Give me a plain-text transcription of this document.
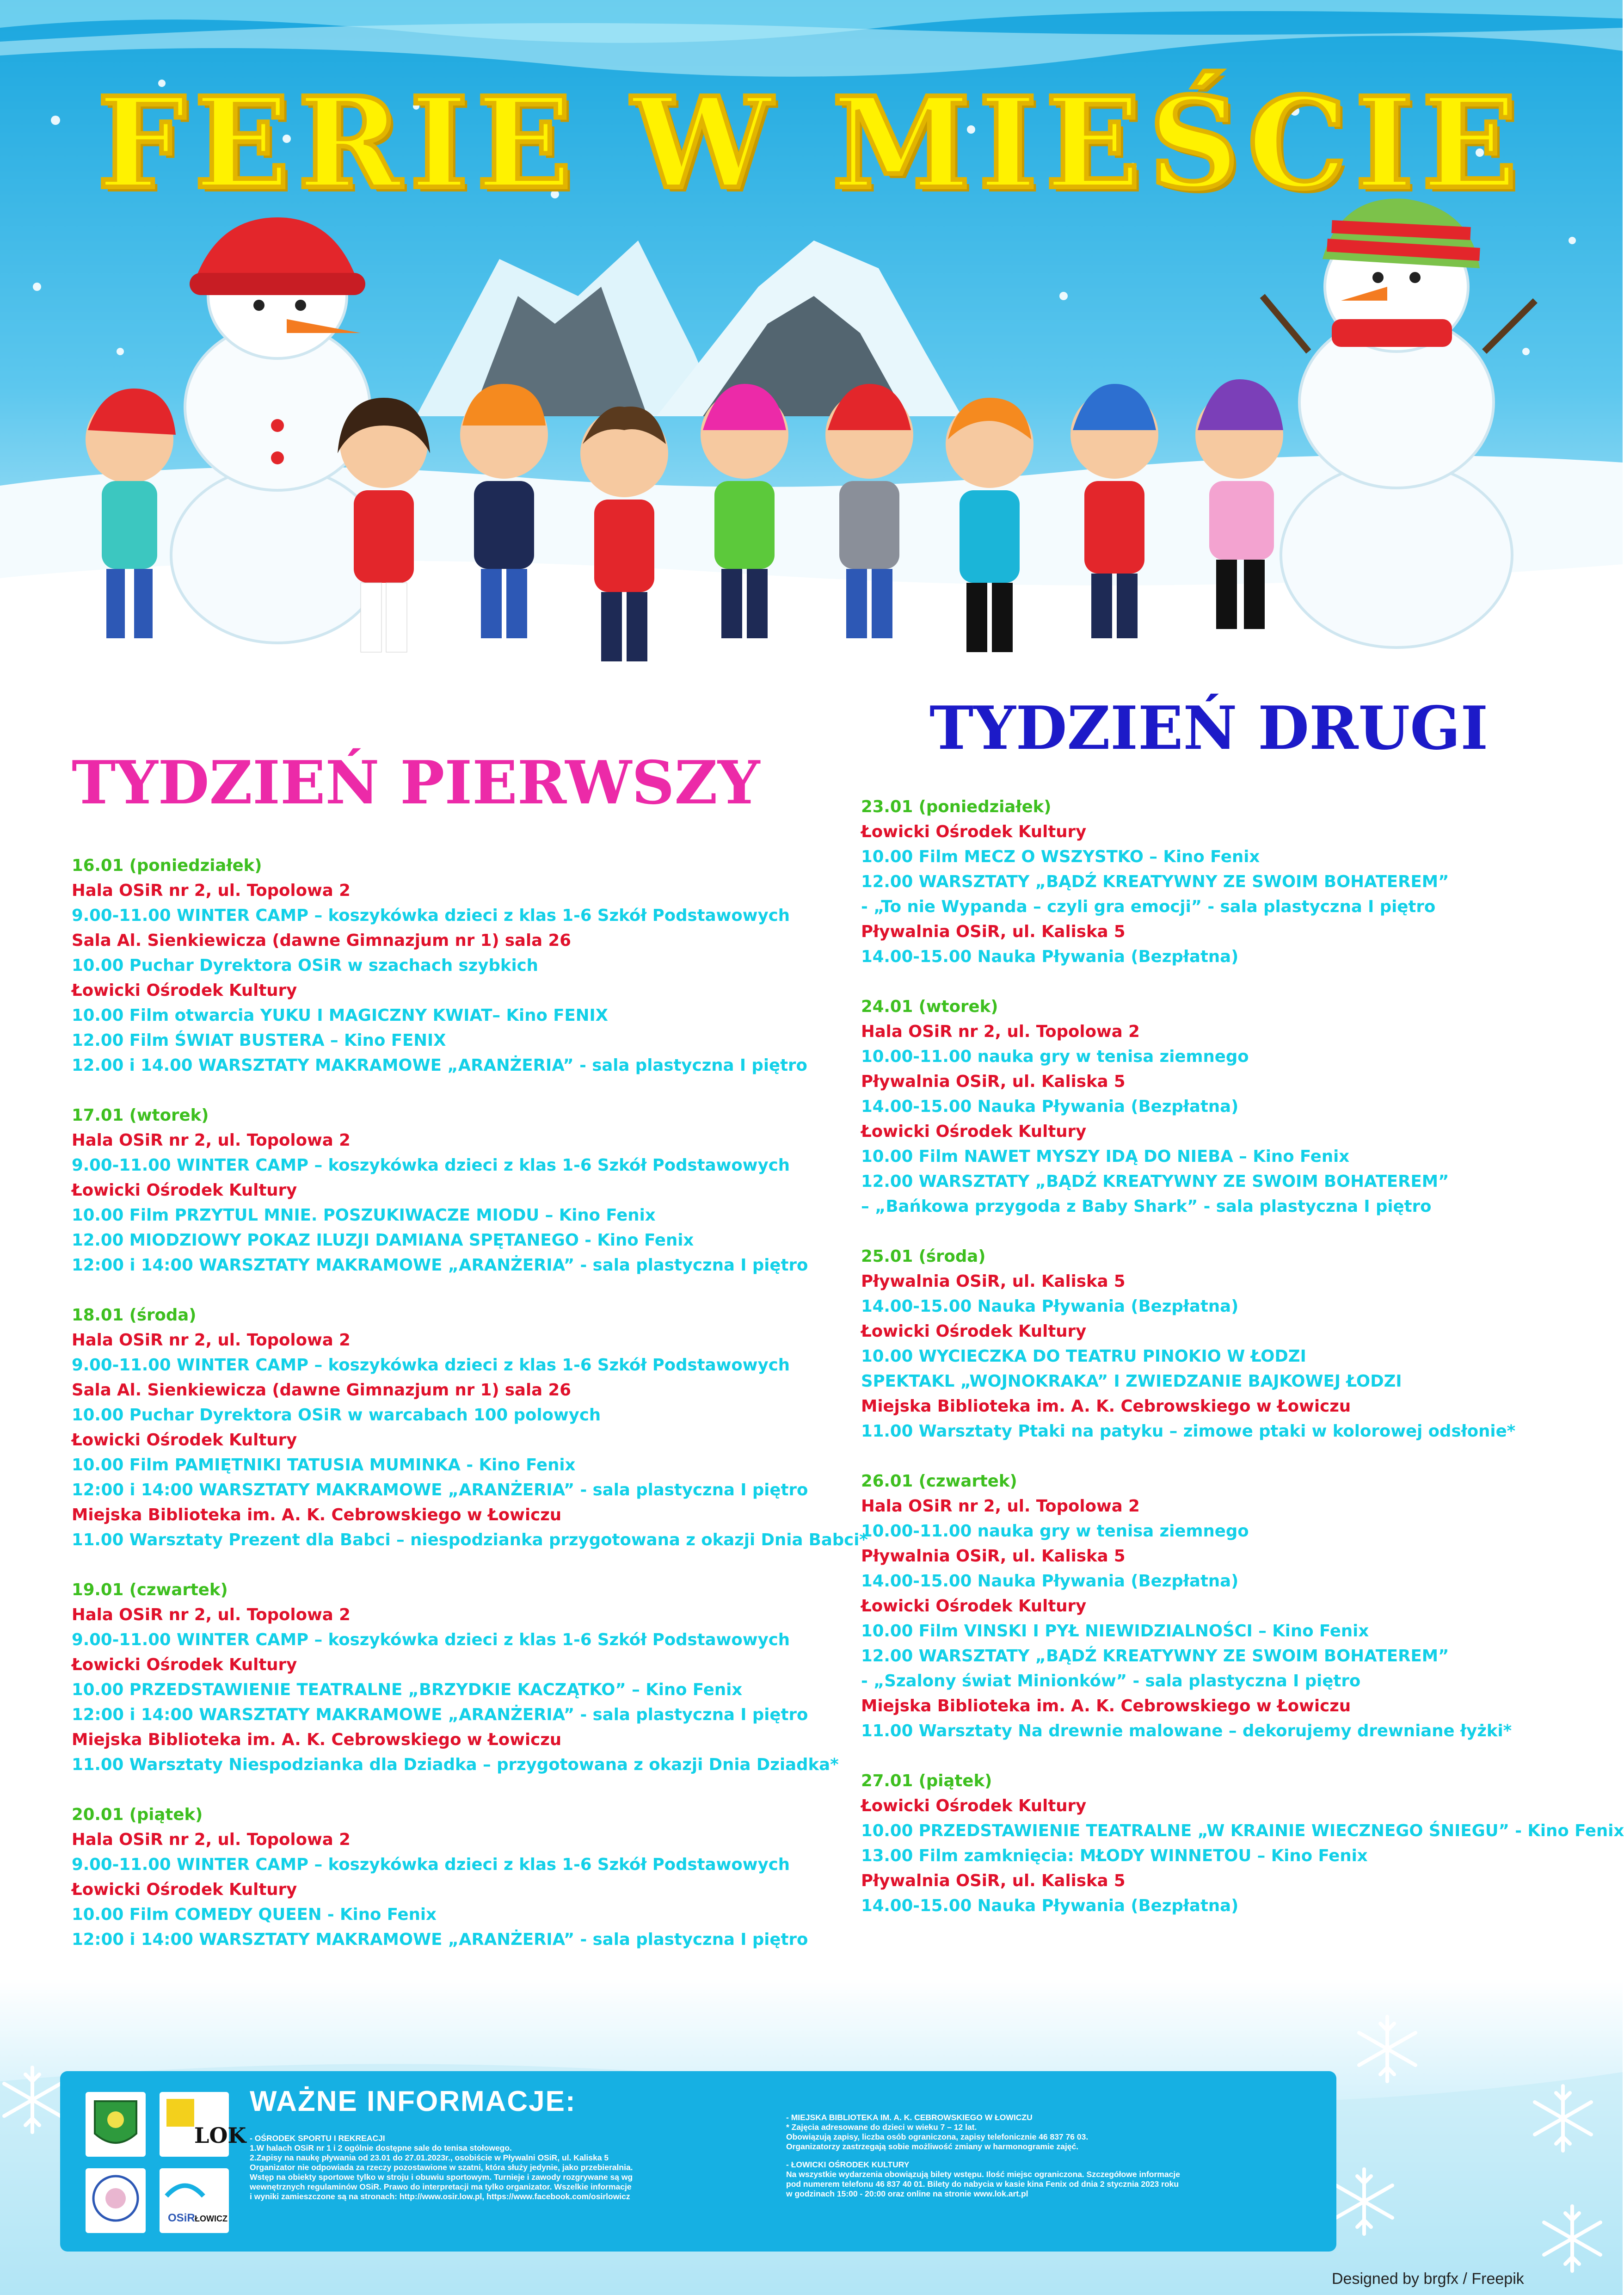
FERIE W MIEŚCIE
TYDZIEŃ PIERWSZY
TYDZIEŃ DRUGI
16.01 (poniedziałek)
Hala OSiR nr 2, ul. Topolowa 2
9.00-11.00 WINTER CAMP – koszykówka dzieci z klas 1-6 Szkół Podstawowych
Sala Al. Sienkiewicza (dawne Gimnazjum nr 1) sala 26
10.00 Puchar Dyrektora OSiR w szachach szybkich
Łowicki Ośrodek Kultury
10.00 Film otwarcia YUKU I MAGICZNY KWIAT– Kino FENIX
12.00 Film ŚWIAT BUSTERA – Kino FENIX
12.00 i 14.00 WARSZTATY MAKRAMOWE „ARANŻERIA” - sala plastyczna I piętro
17.01 (wtorek)
Hala OSiR nr 2, ul. Topolowa 2
9.00-11.00 WINTER CAMP – koszykówka dzieci z klas 1-6 Szkół Podstawowych
Łowicki Ośrodek Kultury
10.00 Film PRZYTUL MNIE. POSZUKIWACZE MIODU – Kino Fenix
12.00 MIODZIOWY POKAZ ILUZJI DAMIANA SPĘTANEGO - Kino Fenix
12:00 i 14:00 WARSZTATY MAKRAMOWE „ARANŻERIA” - sala plastyczna I piętro
18.01 (środa)
Hala OSiR nr 2, ul. Topolowa 2
9.00-11.00 WINTER CAMP – koszykówka dzieci z klas 1-6 Szkół Podstawowych
Sala Al. Sienkiewicza (dawne Gimnazjum nr 1) sala 26
10.00 Puchar Dyrektora OSiR w warcabach 100 polowych
Łowicki Ośrodek Kultury
10.00 Film PAMIĘTNIKI TATUSIA MUMINKA - Kino Fenix
12:00 i 14:00 WARSZTATY MAKRAMOWE „ARANŻERIA” - sala plastyczna I piętro
Miejska Biblioteka im. A. K. Cebrowskiego w Łowiczu
11.00 Warsztaty Prezent dla Babci – niespodzianka przygotowana z okazji Dnia Babci*
19.01 (czwartek)
Hala OSiR nr 2, ul. Topolowa 2
9.00-11.00 WINTER CAMP – koszykówka dzieci z klas 1-6 Szkół Podstawowych
Łowicki Ośrodek Kultury
10.00 PRZEDSTAWIENIE TEATRALNE „BRZYDKIE KACZĄTKO” – Kino Fenix
12:00 i 14:00 WARSZTATY MAKRAMOWE „ARANŻERIA” - sala plastyczna I piętro
Miejska Biblioteka im. A. K. Cebrowskiego w Łowiczu
11.00 Warsztaty Niespodzianka dla Dziadka – przygotowana z okazji Dnia Dziadka*
20.01 (piątek)
Hala OSiR nr 2, ul. Topolowa 2
9.00-11.00 WINTER CAMP – koszykówka dzieci z klas 1-6 Szkół Podstawowych
Łowicki Ośrodek Kultury
10.00 Film COMEDY QUEEN - Kino Fenix
12:00 i 14:00 WARSZTATY MAKRAMOWE „ARANŻERIA” - sala plastyczna I piętro
23.01 (poniedziałek)
Łowicki Ośrodek Kultury
10.00 Film MECZ O WSZYSTKO – Kino Fenix
12.00 WARSZTATY „BĄDŹ KREATYWNY ZE SWOIM BOHATEREM”
- „To nie Wypanda – czyli gra emocji” - sala plastyczna I piętro
Pływalnia OSiR, ul. Kaliska 5
14.00-15.00 Nauka Pływania (Bezpłatna)
24.01 (wtorek)
Hala OSiR nr 2, ul. Topolowa 2
10.00-11.00 nauka gry w tenisa ziemnego
Pływalnia OSiR, ul. Kaliska 5
14.00-15.00 Nauka Pływania (Bezpłatna)
Łowicki Ośrodek Kultury
10.00 Film NAWET MYSZY IDĄ DO NIEBA – Kino Fenix
12.00 WARSZTATY „BĄDŹ KREATYWNY ZE SWOIM BOHATEREM”
– „Bańkowa przygoda z Baby Shark” - sala plastyczna I piętro
25.01 (środa)
Pływalnia OSiR, ul. Kaliska 5
14.00-15.00 Nauka Pływania (Bezpłatna)
Łowicki Ośrodek Kultury
10.00 WYCIECZKA DO TEATRU PINOKIO W ŁODZI
SPEKTAKL „WOJNOKRAKA” I ZWIEDZANIE BAJKOWEJ ŁODZI
Miejska Biblioteka im. A. K. Cebrowskiego w Łowiczu
11.00 Warsztaty Ptaki na patyku – zimowe ptaki w kolorowej odsłonie*
26.01 (czwartek)
Hala OSiR nr 2, ul. Topolowa 2
10.00-11.00 nauka gry w tenisa ziemnego
Pływalnia OSiR, ul. Kaliska 5
14.00-15.00 Nauka Pływania (Bezpłatna)
Łowicki Ośrodek Kultury
10.00 Film VINSKI I PYŁ NIEWIDZIALNOŚCI – Kino Fenix
12.00 WARSZTATY „BĄDŹ KREATYWNY ZE SWOIM BOHATEREM”
- „Szalony świat Minionków” - sala plastyczna I piętro
Miejska Biblioteka im. A. K. Cebrowskiego w Łowiczu
11.00 Warsztaty Na drewnie malowane – dekorujemy drewniane łyżki*
27.01 (piątek)
Łowicki Ośrodek Kultury
10.00 PRZEDSTAWIENIE TEATRALNE „W KRAINIE WIECZNEGO ŚNIEGU” - Kino Fenix
13.00 Film zamknięcia: MŁODY WINNETOU – Kino Fenix
Pływalnia OSiR, ul. Kaliska 5
14.00-15.00 Nauka Pływania (Bezpłatna)
LOK
OSiR ŁOWICZ
WAŻNE INFORMACJE:
- OŚRODEK SPORTU I REKREACJI
1.W halach OSiR nr 1 i 2 ogólnie dostępne sale do tenisa stołowego.
2.Zapisy na naukę pływania od 23.01 do 27.01.2023r., osobiście w Pływalni OSiR, ul. Kaliska 5
Organizator nie odpowiada za rzeczy pozostawione w szatni, która służy jedynie, jako przebieralnia.
Wstęp na obiekty sportowe tylko w stroju i obuwiu sportowym. Turnieje i zawody rozgrywane są wg
wewnętrznych regulaminów OSiR. Prawo do interpretacji ma tylko organizator. Wszelkie informacje
i wyniki zamieszczone są na stronach: http://www.osir.low.pl, https://www.facebook.com/osirlowicz
- MIEJSKA BIBLIOTEKA IM. A. K. CEBROWSKIEGO W ŁOWICZU
* Zajęcia adresowane do dzieci w wieku 7 – 12 lat.
Obowiązują zapisy, liczba osób ograniczona, zapisy telefonicznie 46 837 76 03.
Organizatorzy zastrzegają sobie możliwość zmiany w harmonogramie zajęć.
- ŁOWICKI OŚRODEK KULTURY
Na wszystkie wydarzenia obowiązują bilety wstępu. Ilość miejsc ograniczona. Szczegółowe informacje
pod numerem telefonu 46 837 40 01. Bilety do nabycia w kasie kina Fenix od dnia 2 stycznia 2023 roku
w godzinach 15:00 - 20:00 oraz online na stronie www.lok.art.pl
Designed by brgfx / Freepik
